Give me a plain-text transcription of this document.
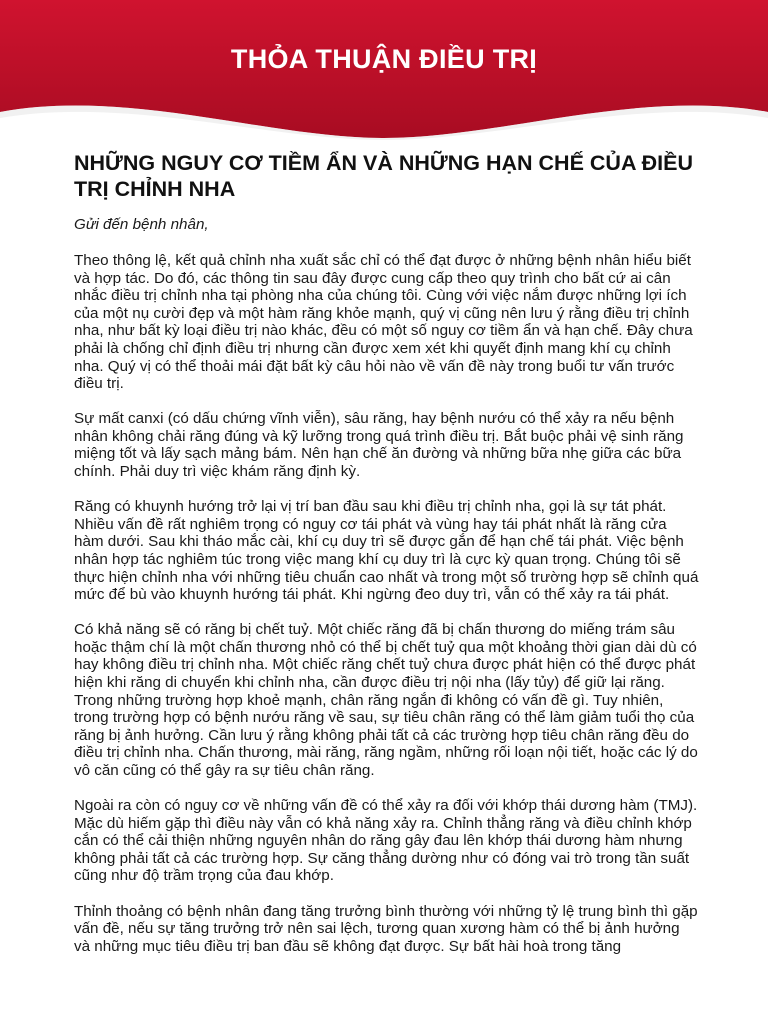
THỎA THUẬN ĐIỀU TRỊ
NHỮNG NGUY CƠ TIỀM ẨN VÀ NHỮNG HẠN CHẾ CỦA ĐIỀU TRỊ CHỈNH NHA

Gửi đến bệnh nhân,

Theo thông lệ, kết quả chỉnh nha xuất sắc chỉ có thể đạt được ở những bệnh nhân hiểu biết và hợp tác. Do đó, các thông tin sau đây được cung cấp theo quy trình cho bất cứ ai cân nhắc điều trị chỉnh nha tại phòng nha của chúng tôi. Cùng với việc nắm được những lợi ích của một nụ cười đẹp và một hàm răng khỏe mạnh, quý vị cũng nên lưu ý rằng điều trị chỉnh nha, như bất kỳ loại điều trị nào khác, đều có một số nguy cơ tiềm ẩn và hạn chế. Đây chưa phải là chống chỉ định điều trị nhưng cần được xem xét khi quyết định mang khí cụ chỉnh nha. Quý vị có thể thoải mái đặt bất kỳ câu hỏi nào về vấn đề này trong buổi tư vấn trước điều trị.

Sự mất canxi (có dấu chứng vĩnh viễn), sâu răng, hay bệnh nướu có thể xảy ra nếu bệnh nhân không chải răng đúng và kỹ lưỡng trong quá trình điều trị. Bắt buộc phải vệ sinh răng miệng tốt và lấy sạch mảng bám. Nên hạn chế ăn đường và những bữa nhẹ giữa các bữa chính. Phải duy trì việc khám răng định kỳ.

Răng có khuynh hướng trở lại vị trí ban đầu sau khi điều trị chỉnh nha, gọi là sự tát phát. Nhiều vấn đề rất nghiêm trọng có nguy cơ tái phát và vùng hay tái phát nhất là răng cửa hàm dưới. Sau khi tháo mắc cài, khí cụ duy trì sẽ được gắn để hạn chế tái phát. Việc bệnh nhân hợp tác nghiêm túc trong việc mang khí cụ duy trì là cực kỳ quan trọng. Chúng tôi sẽ thực hiện chỉnh nha với những tiêu chuẩn cao nhất và trong một số trường hợp sẽ chỉnh quá mức để bù vào khuynh hướng tái phát. Khi ngừng đeo duy trì, vẫn có thể xảy ra tái phát.

Có khả năng sẽ có răng bị chết tuỷ. Một chiếc răng đã bị chấn thương do miếng trám sâu hoặc thậm chí là một chấn thương nhỏ có thể bị chết tuỷ qua một khoảng thời gian dài dù có hay không điều trị chỉnh nha. Một chiếc răng chết tuỷ chưa được phát hiện có thể được phát hiện khi răng di chuyển khi chỉnh nha, cần được điều trị nội nha (lấy tủy) để giữ lại răng. Trong những trường hợp khoẻ mạnh, chân răng ngắn đi không có vấn đề gì. Tuy nhiên, trong trường hợp có bệnh nướu răng về sau, sự tiêu chân răng có thể làm giảm tuổi thọ của răng bị ảnh hưởng. Cần lưu ý rằng không phải tất cả các trường hợp tiêu chân răng đều do điều trị chỉnh nha. Chấn thương, mài răng, răng ngầm, những rối loạn nội tiết, hoặc các lý do vô căn cũng có thể gây ra sự tiêu chân răng.

Ngoài ra còn có nguy cơ về những vấn đề có thể xảy ra đối với khớp thái dương hàm (TMJ). Mặc dù hiếm gặp thì điều này vẫn có khả năng xảy ra. Chỉnh thẳng răng và điều chỉnh khớp cắn có thể cải thiện những nguyên nhân do răng gây đau lên khớp thái dương hàm nhưng không phải tất cả các trường hợp. Sự căng thẳng dường như có đóng vai trò trong tần suất cũng như độ trầm trọng của đau khớp.

Thỉnh thoảng có bệnh nhân đang tăng trưởng bình thường với những tỷ lệ trung bình thì gặp vấn đề, nếu sự tăng trưởng trở nên sai lệch, tương quan xương hàm có thể bị ảnh hưởng và những mục tiêu điều trị ban đầu sẽ không đạt được. Sự bất hài hoà trong tăng
